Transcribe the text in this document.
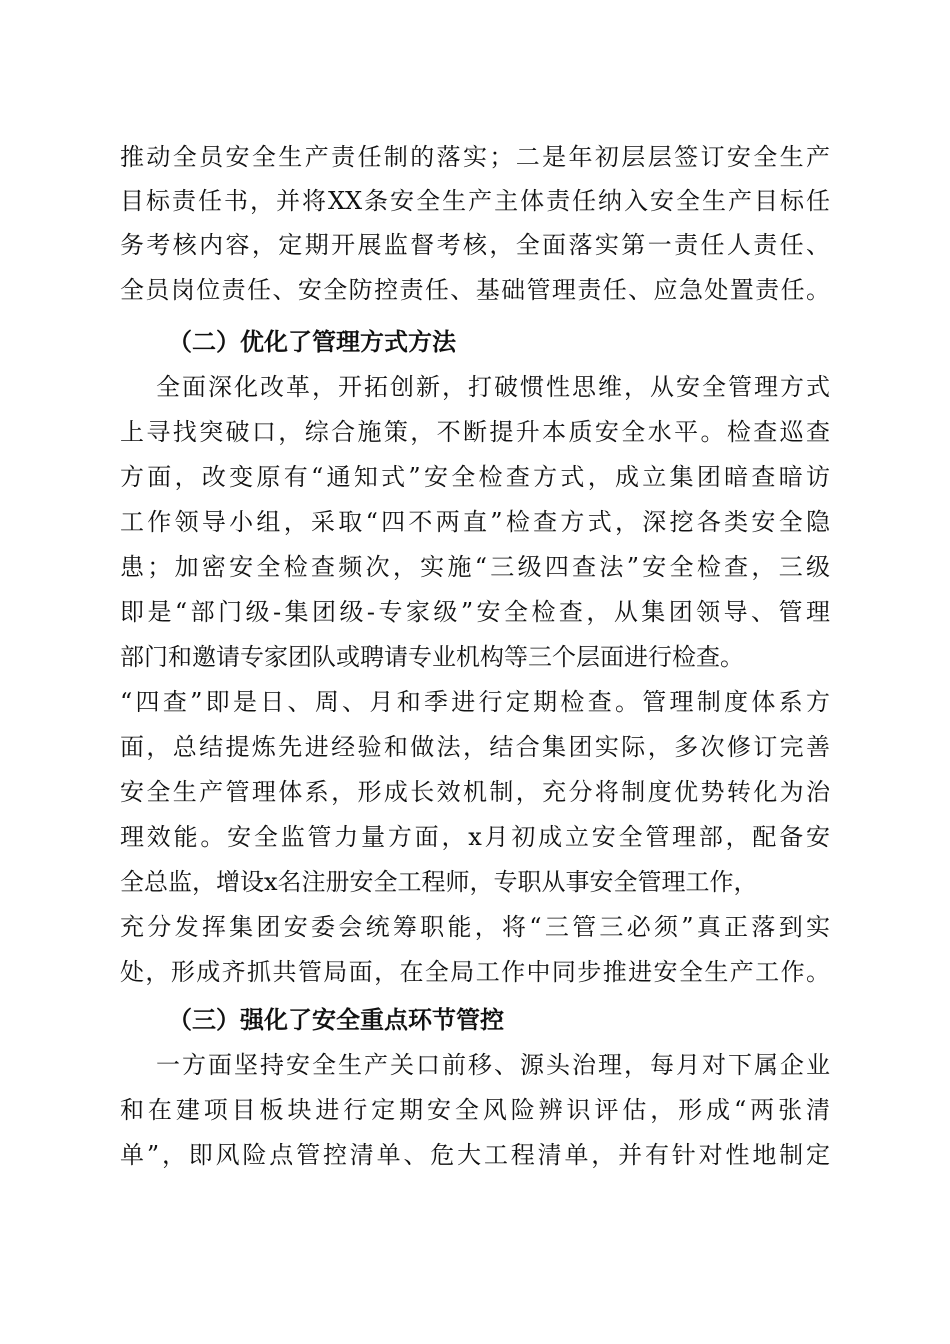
推动全员安全生产责任制的落实；二是年初层层签订安全生产
目标责任书，并将XX条安全生产主体责任纳入安全生产目标任
务考核内容，定期开展监督考核，全面落实第一责任人责任、
全员岗位责任、安全防控责任、基础管理责任、应急处置责任。
（二）优化了管理方式方法
全面深化改革，开拓创新，打破惯性思维，从安全管理方式
上寻找突破口，综合施策，不断提升本质安全水平。检查巡查
方面，改变原有“通知式”安全检查方式，成立集团暗查暗访
工作领导小组，采取“四不两直”检查方式，深挖各类安全隐
患；加密安全检查频次，实施“三级四查法”安全检查，三级
即是“部门级-集团级-专家级”安全检查，从集团领导、管理
部门和邀请专家团队或聘请专业机构等三个层面进行检查。
“四查”即是日、周、月和季进行定期检查。管理制度体系方
面，总结提炼先进经验和做法，结合集团实际，多次修订完善
安全生产管理体系，形成长效机制，充分将制度优势转化为治
理效能。安全监管力量方面，x月初成立安全管理部，配备安
全总监，增设x名注册安全工程师，专职从事安全管理工作，
充分发挥集团安委会统筹职能，将“三管三必须”真正落到实
处，形成齐抓共管局面，在全局工作中同步推进安全生产工作。
（三）强化了安全重点环节管控
一方面坚持安全生产关口前移、源头治理，每月对下属企业
和在建项目板块进行定期安全风险辨识评估，形成“两张清
单”，即风险点管控清单、危大工程清单，并有针对性地制定
